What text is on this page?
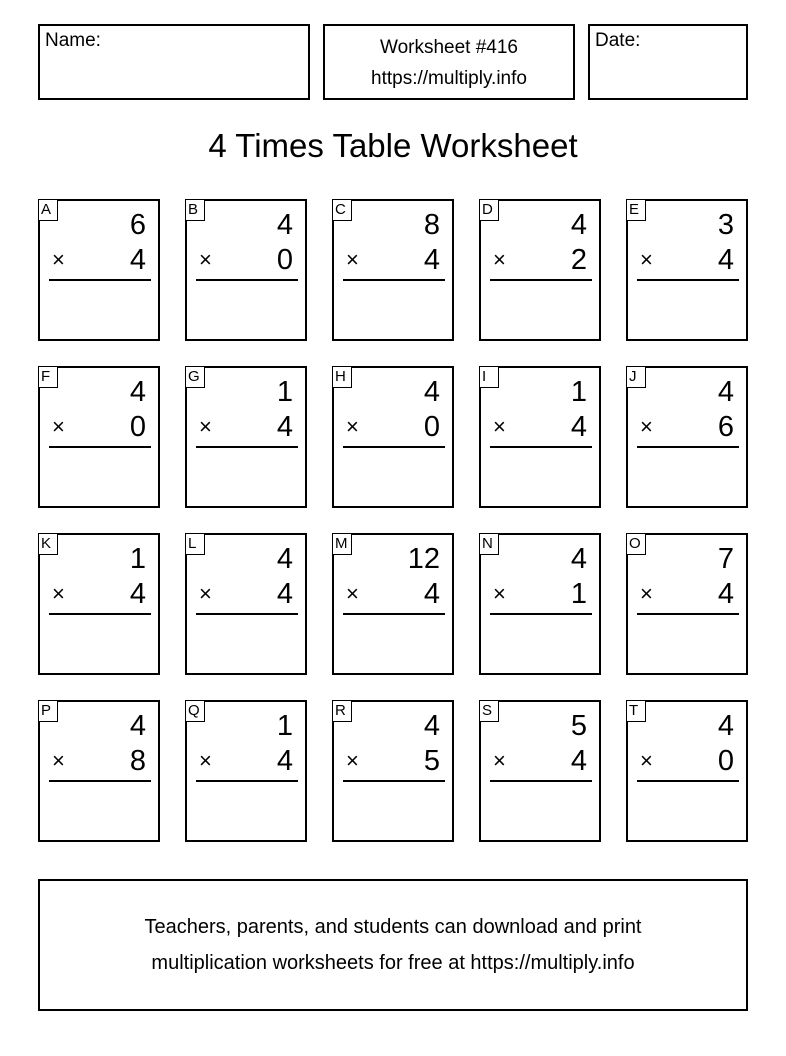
Name:	Worksheet #416
https://multiply.info
Date:
4 Times Table Worksheet
A	6
× 4
B	4
× 0
C	8
× 4
D	4
× 2
E	3
× 4
F	4
× 0
G	1
× 4
H	4
× 0
I	1
× 4
J	4
× 6
K	1
× 4
L	4
× 4
M 12
× 4
N	4
× 1
O	7
× 4
P	4
× 8
Q	1
× 4
R	4
× 5
S	5
× 4
T	4
× 0
Teachers, parents, and students can download and print
multiplication worksheets for free at https://multiply.info
